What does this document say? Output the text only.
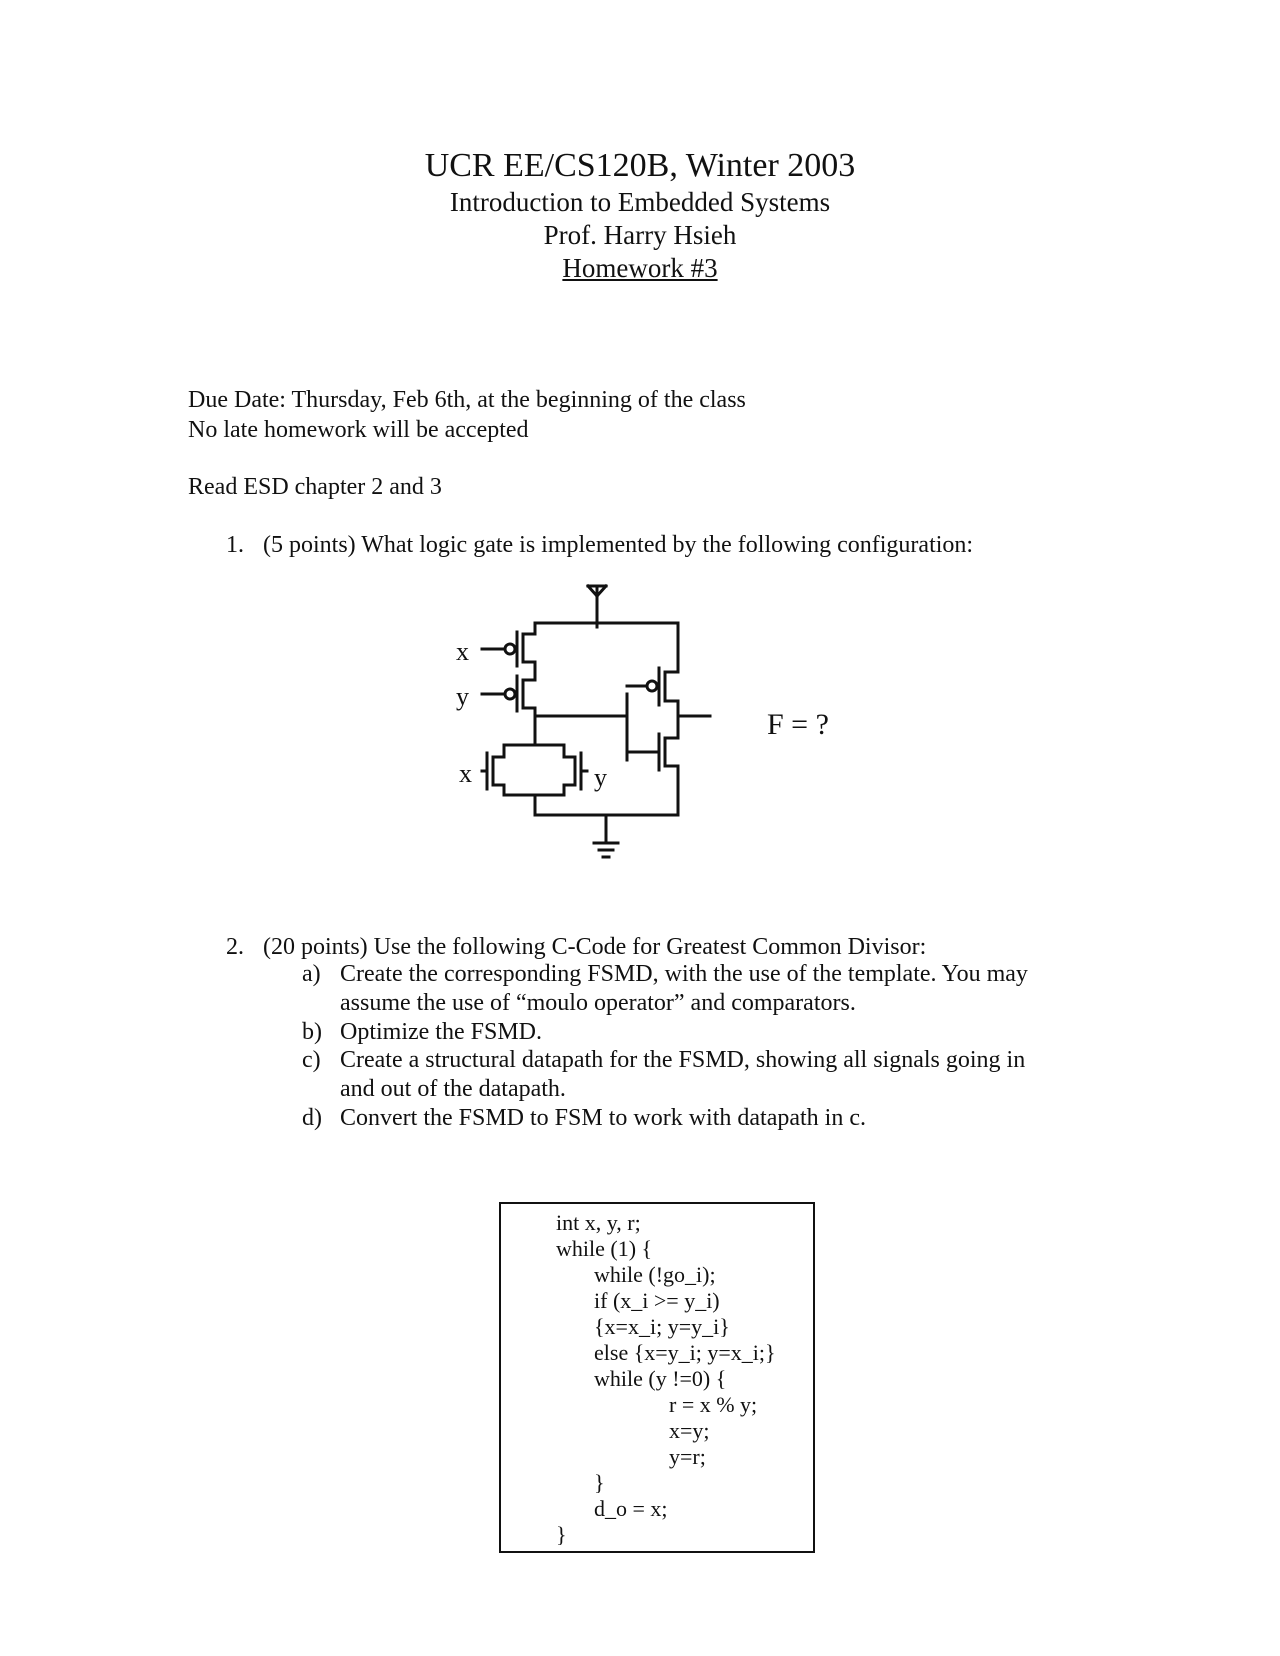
UCR EE/CS120B, Winter 2003
Introduction to Embedded Systems
Prof. Harry Hsieh
Homework #3
Due Date: Thursday, Feb 6th, at the beginning of the class
No late homework will be accepted
Read ESD chapter 2 and 3
1. (5 points) What logic gate is implemented by the following configuration:
x
y
x	y
F = ?
2. (20 points) Use the following C-Code for Greatest Common Divisor:
a) Create the corresponding FSMD, with the use of the template. You may assume the use of “moulo operator” and comparators.
b) Optimize the FSMD.
c) Create a structural datapath for the FSMD, showing all signals going in and out of the datapath.
d) Convert the FSMD to FSM to work with datapath in c.
int x, y, r;
while (1) {
while (!go_i);
if (x_i >= y_i)
{x=x_i; y=y_i}
else {x=y_i; y=x_i;}
while (y !=0) {
r = x % y;
x=y;
y=r;
}
d_o = x;
}
